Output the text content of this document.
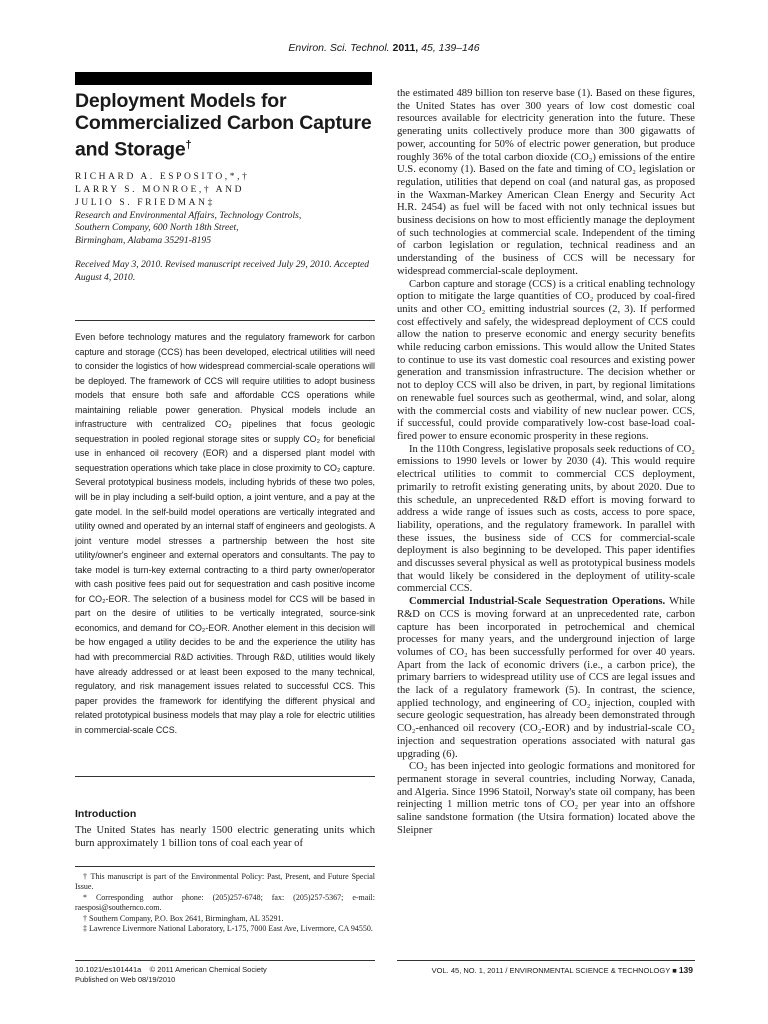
Environ. Sci. Technol. 2011, 45, 139–146
Deployment Models for Commercialized Carbon Capture and Storage†
RICHARD A. ESPOSITO,*,†
LARRY S. MONROE,† AND
JULIO S. FRIEDMAN‡
Research and Environmental Affairs, Technology Controls,
Southern Company, 600 North 18th Street,
Birmingham, Alabama 35291-8195
Received May 3, 2010. Revised manuscript received July 29, 2010. Accepted August 4, 2010.
Even before technology matures and the regulatory framework for carbon capture and storage (CCS) has been developed, electrical utilities will need to consider the logistics of how widespread commercial-scale operations will be deployed. The framework of CCS will require utilities to adopt business models that ensure both safe and affordable CCS operations while maintaining reliable power generation. Physical models include an infrastructure with centralized CO₂ pipelines that focus geologic sequestration in pooled regional storage sites or supply CO₂ for beneficial use in enhanced oil recovery (EOR) and a dispersed plant model with sequestration operations which take place in close proximity to CO₂ capture. Several prototypical business models, including hybrids of these two poles, will be in play including a self-build option, a joint venture, and a pay at the gate model. In the self-build model operations are vertically integrated and utility owned and operated by an internal staff of engineers and geologists. A joint venture model stresses a partnership between the host site utility/owner's engineer and external operators and consultants. The pay to take model is turn-key external contracting to a third party owner/operator with cash positive fees paid out for sequestration and cash positive income for CO₂-EOR. The selection of a business model for CCS will be based in part on the desire of utilities to be vertically integrated, source-sink economics, and demand for CO₂-EOR. Another element in this decision will be how engaged a utility decides to be and the experience the utility has had with precommercial R&D activities. Through R&D, utilities would likely have already addressed or at least been exposed to the many technical, regulatory, and risk management issues related to successful CCS. This paper provides the framework for identifying the different physical and related prototypical business models that may play a role for electric utilities in commercial-scale CCS.
Introduction
The United States has nearly 1500 electric generating units which burn approximately 1 billion tons of coal each year of

† This manuscript is part of the Environmental Policy: Past, Present, and Future Special Issue.

* Corresponding author phone: (205)257-6748; fax: (205)257-5367; e-mail: raesposi@southernco.com.

† Southern Company, P.O. Box 2641, Birmingham, AL 35291.

‡ Lawrence Livermore National Laboratory, L-175, 7000 East Ave, Livermore, CA 94550.

the estimated 489 billion ton reserve base (1). Based on these figures, the United States has over 300 years of low cost domestic coal resources available for electricity generation into the future. These generating units collectively produce more than 300 gigawatts of power, accounting for 50% of electric power generation, but produce roughly 36% of the total carbon dioxide (CO₂) emissions of the entire U.S. economy (1). Based on the fate and timing of CO₂ legislation or regulation, utilities that depend on coal (and natural gas, as proposed in the Waxman-Markey American Clean Energy and Security Act H.R. 2454) as fuel will be faced with not only technical issues but business decisions on how to most efficiently manage the deployment of such technologies at commercial scale. Independent of the timing of carbon legislation or regulation, technical readiness and an understanding of the business of CCS will be necessary for widespread commercial-scale deployment.

Carbon capture and storage (CCS) is a critical enabling technology option to mitigate the large quantities of CO₂ produced by coal-fired units and other CO₂ emitting industrial sources (2, 3). If performed cost effectively and safely, the widespread deployment of CCS could allow the nation to preserve economic and energy security benefits while reducing carbon emissions. This would allow the United States to continue to use its vast domestic coal resources and existing power generation and transmission infrastructure. The decision whether or not to deploy CCS will also be driven, in part, by regional limitations on renewable fuel sources such as geothermal, wind, and solar, along with the commercial costs and viability of new nuclear power. CCS, if successful, could provide comparatively low-cost base-load coal-fired power to ensure economic prosperity in these regions.

In the 110th Congress, legislative proposals seek reductions of CO₂ emissions to 1990 levels or lower by 2030 (4). This would require electrical utilities to commit to commercial CCS deployment, primarily to retrofit existing generating units, by about 2020. Due to this schedule, an unprecedented R&D effort is moving forward to address a wide range of issues such as costs, access to pore space, liability, operations, and the regulatory framework. In parallel with these issues, the business side of CCS for commercial-scale deployment is also beginning to be developed. This paper identifies and discusses several physical as well as prototypical business models that would likely be considered in the deployment of utility-scale commercial CCS.

Commercial Industrial-Scale Sequestration Operations. While R&D on CCS is moving forward at an unprecedented rate, carbon capture has been incorporated in petrochemical and chemical processes for many years, and the underground injection of large volumes of CO₂ has been successfully performed for over 40 years. Apart from the lack of economic drivers (i.e., a carbon price), the primary barriers to widespread utility use of CCS are legal issues and the lack of a regulatory framework (5). In contrast, the science, applied technology, and engineering of CO₂ injection, coupled with secure geologic sequestration, has already been demonstrated through CO₂-enhanced oil recovery (CO₂-EOR) and by industrial-scale CO₂ injection and sequestration operations associated with natural gas upgrading (6).

CO₂ has been injected into geologic formations and monitored for permanent storage in several countries, including Norway, Canada, and Algeria. Since 1996 Statoil, Norway's state oil company, has been reinjecting 1 million metric tons of CO₂ per year into an offshore saline sandstone formation (the Utsira formation) located above the Sleipner

10.1021/es101441a © 2011 American Chemical Society
Published on Web 08/19/2010
VOL. 45, NO. 1, 2011 / ENVIRONMENTAL SCIENCE & TECHNOLOGY ■ 139
